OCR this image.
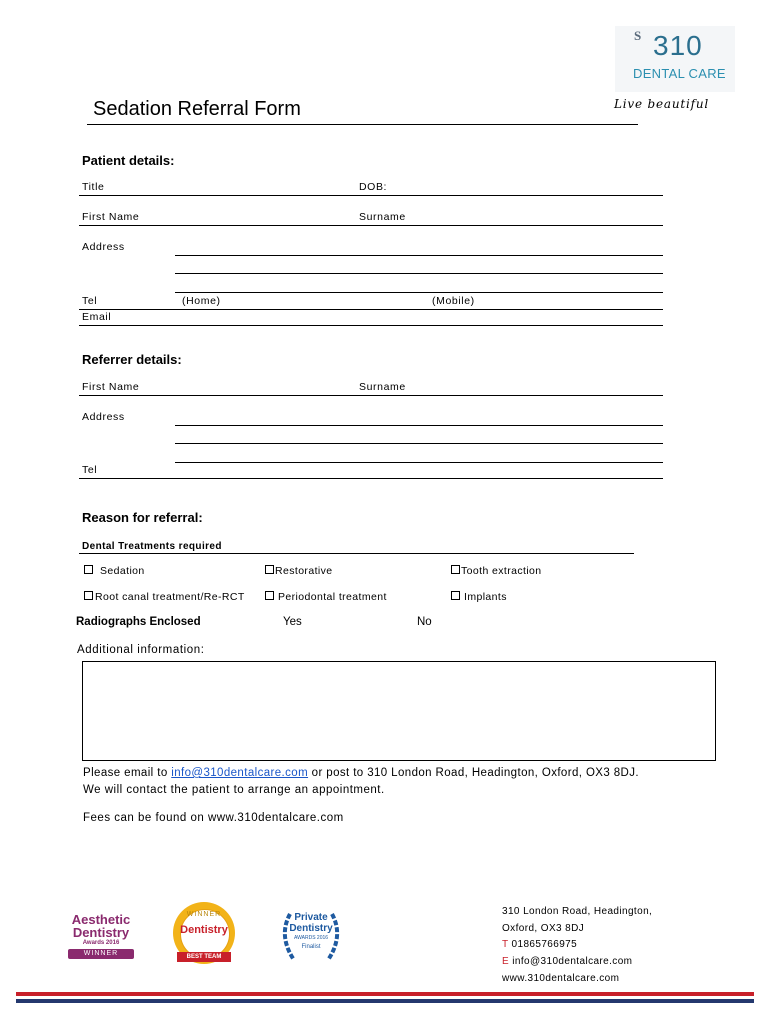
S 310
DENTAL CARE
Live beautiful
Sedation Referral Form
Patient details:
Title	DOB:
First Name	Surname
Address
Tel	(Home)	(Mobile)
Email
Referrer details:
First Name	Surname
Address
Tel
Reason for referral:
Dental Treatments required
Sedation	Restorative	Tooth extraction
Root canal treatment/Re-RCT	Periodontal treatment	Implants
Radiographs Enclosed	Yes	No
Additional information:
Please email to info@310dentalcare.com or post to 310 London Road, Headington, Oxford, OX3 8DJ.
We will contact the patient to arrange an appointment.
Fees can be found on www.310dentalcare.com
Aesthetic
Dentistry
Awards 2016
WINNER
WINNER
Dentistry
BEST TEAM
Private
Dentistry
AWARDS 2016
Finalist
310 London Road, Headington,
Oxford, OX3 8DJ
T 01865766975
E info@310dentalcare.com
www.310dentalcare.com
